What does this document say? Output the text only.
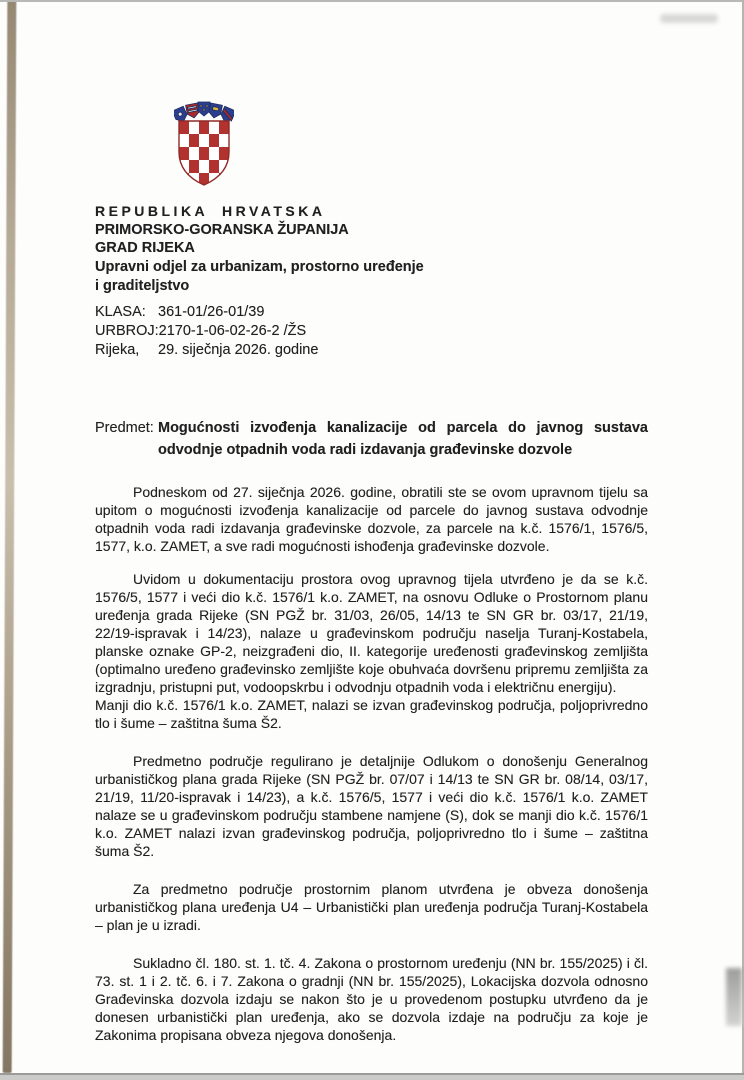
REPUBLIKA HRVATSKA
PRIMORSKO-GORANSKA ŽUPANIJA
GRAD RIJEKA
Upravni odjel za urbanizam, prostorno uređenje
i graditeljstvo
KLASA: 361-01/26-01/39
URBROJ:2170-1-06-02-26-2 /ŽS
Rijeka, 29. siječnja 2026. godine
Predmet: Mogućnosti izvođenja kanalizacije od parcela do javnog sustava odvodnje otpadnih voda radi izdavanja građevinske dozvole

Podneskom od 27. siječnja 2026. godine, obratili ste se ovom upravnom tijelu sa upitom o mogućnosti izvođenja kanalizacije od parcele do javnog sustava odvodnje otpadnih voda radi izdavanja građevinske dozvole, za parcele na k.č. 1576/1, 1576/5, 1577, k.o. ZAMET, a sve radi mogućnosti ishođenja građevinske dozvole.

Uvidom u dokumentaciju prostora ovog upravnog tijela utvrđeno je da se k.č. 1576/5, 1577 i veći dio k.č. 1576/1 k.o. ZAMET, na osnovu Odluke o Prostornom planu uređenja grada Rijeke (SN PGŽ br. 31/03, 26/05, 14/13 te SN GR br. 03/17, 21/19, 22/19-ispravak i 14/23), nalaze u građevinskom području naselja Turanj-Kostabela, planske oznake GP-2, neizgrađeni dio, II. kategorije uređenosti građevinskog zemljišta (optimalno uređeno građevinsko zemljište koje obuhvaća dovršenu pripremu zemljišta za izgradnju, pristupni put, vodoopskrbu i odvodnju otpadnih voda i električnu energiju).

Manji dio k.č. 1576/1 k.o. ZAMET, nalazi se izvan građevinskog područja, poljoprivredno tlo i šume – zaštitna šuma Š2.

Predmetno područje regulirano je detaljnije Odlukom o donošenju Generalnog urbanističkog plana grada Rijeke (SN PGŽ br. 07/07 i 14/13 te SN GR br. 08/14, 03/17, 21/19, 11/20-ispravak i 14/23), a k.č. 1576/5, 1577 i veći dio k.č. 1576/1 k.o. ZAMET nalaze se u građevinskom području stambene namjene (S), dok se manji dio k.č. 1576/1 k.o. ZAMET nalazi izvan građevinskog područja, poljoprivredno tlo i šume – zaštitna šuma Š2.

Za predmetno područje prostornim planom utvrđena je obveza donošenja urbanističkog plana uređenja U4 – Urbanistički plan uređenja područja Turanj-Kostabela – plan je u izradi.

Sukladno čl. 180. st. 1. tč. 4. Zakona o prostornom uređenju (NN br. 155/2025) i čl. 73. st. 1 i 2. tč. 6. i 7. Zakona o gradnji (NN br. 155/2025), Lokacijska dozvola odnosno Građevinska dozvola izdaju se nakon što je u provedenom postupku utvrđeno da je donesen urbanistički plan uređenja, ako se dozvola izdaje na području za koje je Zakonima propisana obveza njegova donošenja.
